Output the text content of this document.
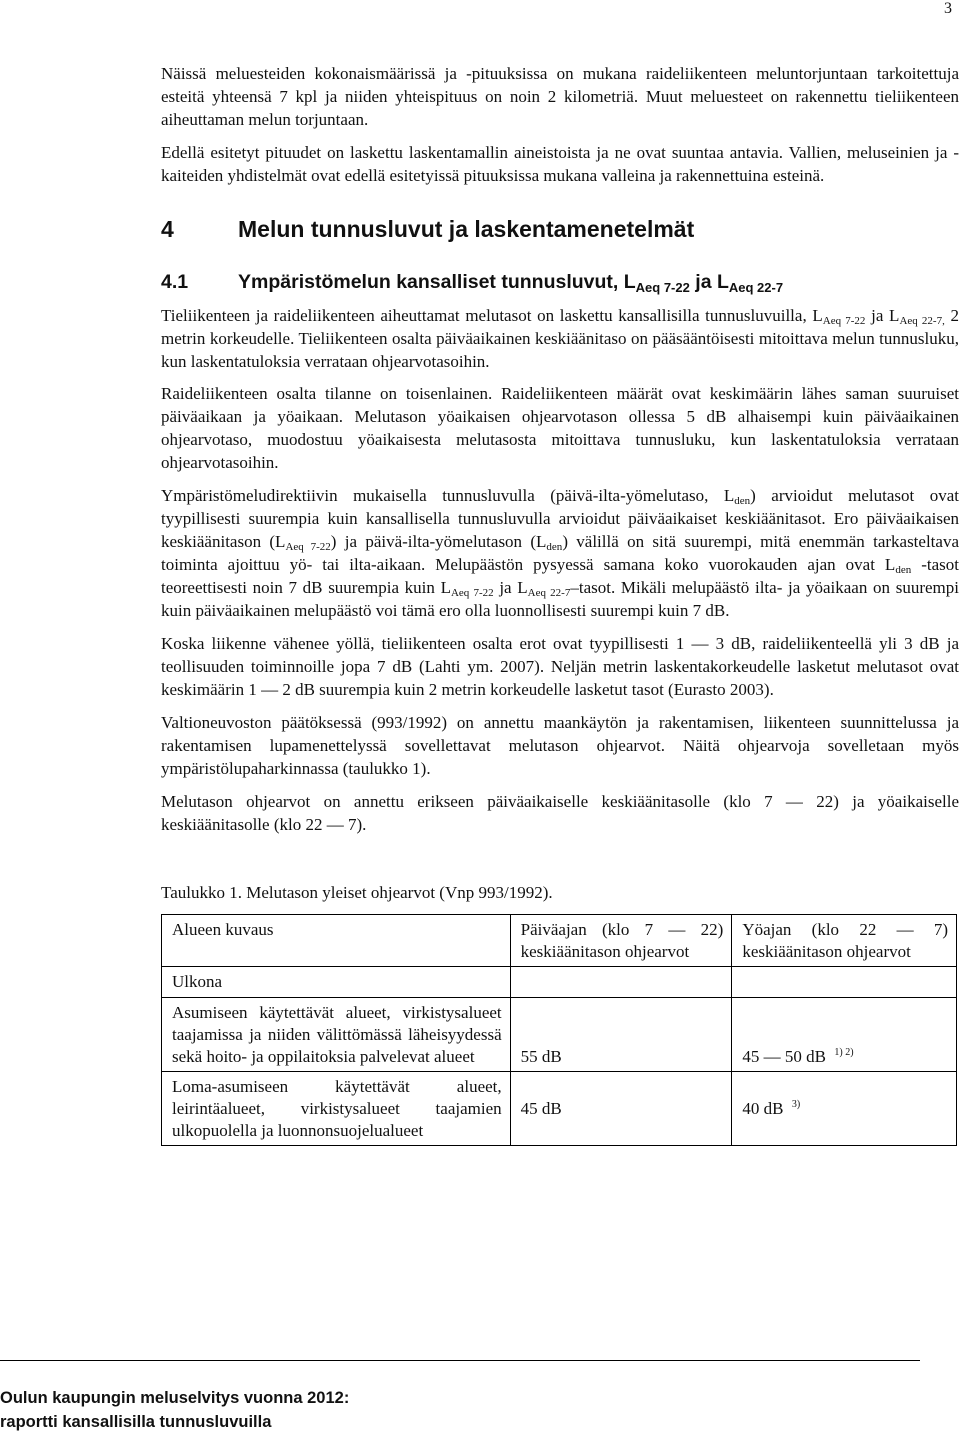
3

Näissä meluesteiden kokonaismäärissä ja -pituuksissa on mukana raideliikenteen meluntorjuntaan tarkoitettuja esteitä yhteensä 7 kpl ja niiden yhteispituus on noin 2 kilometriä. Muut meluesteet on rakennettu tieliikenteen aiheuttaman melun torjuntaan.

Edellä esitetyt pituudet on laskettu laskentamallin aineistoista ja ne ovat suuntaa antavia. Vallien, meluseinien ja -kaiteiden yhdistelmät ovat edellä esitetyissä pituuksissa mukana valleina ja rakennettuina esteinä.

4	Melun tunnusluvut ja laskentamenetelmät
4.1	Ympäristömelun kansalliset tunnusluvut, $L_{Aeq 7-22}$ ja $L_{Aeq 22-7}$

Tieliikenteen ja raideliikenteen aiheuttamat melutasot on laskettu kansallisilla tunnusluvuilla, $L_{Aeq 7-22}$ ja $L_{Aeq 22-7,}$ 2 metrin korkeudelle. Tieliikenteen osalta päiväaikainen keskiäänitaso on pääsääntöisesti mitoittava melun tunnusluku, kun laskentatuloksia verrataan ohjearvotasoihin.

Raideliikenteen osalta tilanne on toisenlainen. Raideliikenteen määrät ovat keskimäärin lähes saman suuruiset päiväaikaan ja yöaikaan. Melutason yöaikaisen ohjearvotason ollessa 5 dB alhaisempi kuin päiväaikainen ohjearvotaso, muodostuu yöaikaisesta melutasosta mitoittava tunnusluku, kun laskentatuloksia verrataan ohjearvotasoihin.

Ympäristömeludirektiivin mukaisella tunnusluvulla (päivä-ilta-yömelutaso, $L_{den}$) arvioidut melutasot ovat tyypillisesti suurempia kuin kansallisella tunnusluvulla arvioidut päiväaikaiset keskiäänitasot. Ero päiväaikaisen keskiäänitason $(L_{Aeq 7-22})$ ja päivä-ilta-yömelutason $(L_{den})$ välillä on sitä suurempi, mitä enemmän tarkasteltava toiminta ajoittuu yö- tai ilta-aikaan. Melupäästön pysyessä samana koko vuorokauden ajan ovat $L_{den}$ -tasot teoreettisesti noin 7 dB suurempia kuin $L_{Aeq 7-22}$ ja $L_{Aeq 22-7}$–tasot. Mikäli melupäästö ilta- ja yöaikaan on suurempi kuin päiväaikainen melupäästö voi tämä ero olla luonnollisesti suurempi kuin 7 dB.

Koska liikenne vähenee yöllä, tieliikenteen osalta erot ovat tyypillisesti 1 — 3 dB, raideliikenteellä yli 3 dB ja teollisuuden toiminnoille jopa 7 dB (Lahti ym. 2007). Neljän metrin laskentakorkeudelle lasketut melutasot ovat keskimäärin 1 — 2 dB suurempia kuin 2 metrin korkeudelle lasketut tasot (Eurasto 2003).

Valtioneuvoston päätöksessä (993/1992) on annettu maankäytön ja rakentamisen, liikenteen suunnittelussa ja rakentamisen lupamenettelyssä sovellettavat melutason ohjearvot. Näitä ohjearvoja sovelletaan myös ympäristölupaharkinnassa (taulukko 1).

Melutason ohjearvot on annettu erikseen päiväaikaiselle keskiäänitasolle (klo 7 — 22) ja yöaikaiselle keskiäänitasolle (klo 22 — 7).

Taulukko 1. Melutason yleiset ohjearvot (Vnp 993/1992).

Alueen kuvaus	Päiväajan (klo 7 — 22) keskiäänitason ohjearvot	Yöajan (klo 22 — 7) keskiäänitason ohjearvot
Ulkona		
Asumiseen käytettävät alueet, virkistysalueet taajamissa ja niiden välittömässä läheisyydessä sekä hoito- ja oppilaitoksia palvelevat alueet	55 dB	45 — 50 dB $^{1) 2)}$
Loma-asumiseen käytettävät alueet, leirintäalueet, virkistysalueet taajamien ulkopuolella ja luonnonsuojelualueet	45 dB	40 dB $^{3)}$
Oulun kaupungin meluselvitys vuonna 2012:
raportti kansallisilla tunnusluvuilla
